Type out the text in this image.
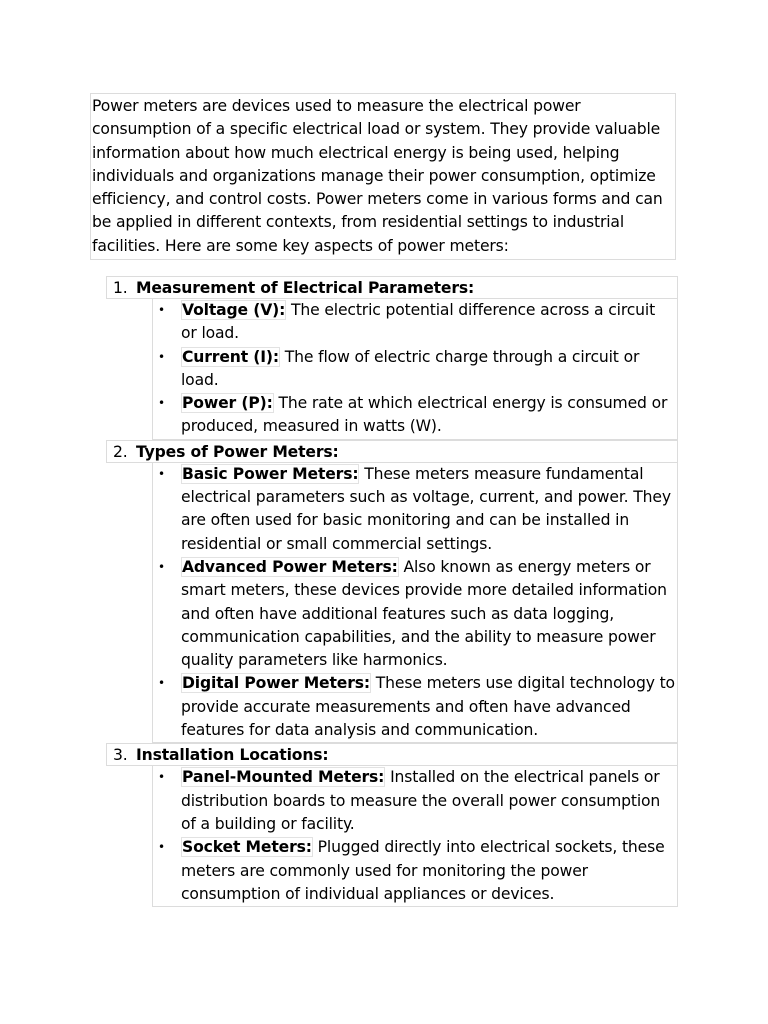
Power meters are devices used to measure the electrical power consumption of a specific electrical load or system. They provide valuable information about how much electrical energy is being used, helping individuals and organizations manage their power consumption, optimize efficiency, and control costs. Power meters come in various forms and can be applied in different contexts, from residential settings to industrial facilities. Here are some key aspects of power meters:
1. Measurement of Electrical Parameters:
• Voltage (V): The electric potential difference across a circuit or load.
• Current (I): The flow of electric charge through a circuit or load.
• Power (P): The rate at which electrical energy is consumed or produced, measured in watts (W).
2. Types of Power Meters:
• Basic Power Meters: These meters measure fundamental electrical parameters such as voltage, current, and power. They are often used for basic monitoring and can be installed in residential or small commercial settings.
• Advanced Power Meters: Also known as energy meters or smart meters, these devices provide more detailed information and often have additional features such as data logging, communication capabilities, and the ability to measure power quality parameters like harmonics.
• Digital Power Meters: These meters use digital technology to provide accurate measurements and often have advanced features for data analysis and communication.
3. Installation Locations:
• Panel-Mounted Meters: Installed on the electrical panels or distribution boards to measure the overall power consumption of a building or facility.
• Socket Meters: Plugged directly into electrical sockets, these meters are commonly used for monitoring the power consumption of individual appliances or devices.
